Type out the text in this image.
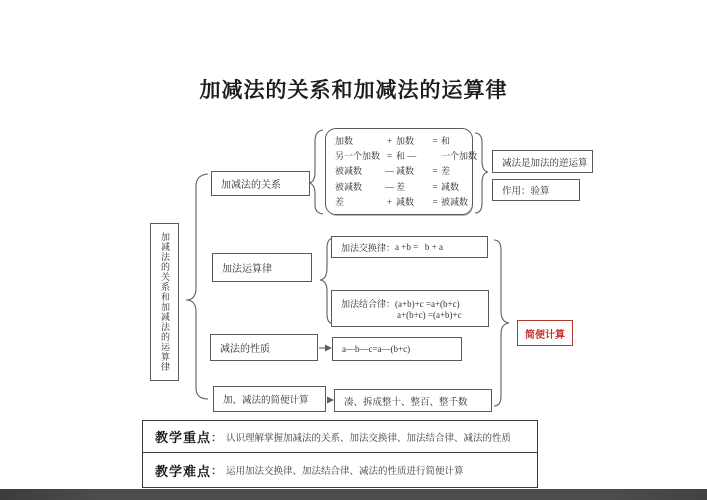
加减法的关系和加减法的运算律
加减法的关系和加减法的运算律
加减法的关系
加数	+ 加数	= 和
另一个加数 = 和 —	一个加数
被减数	— 减数	= 差
被减数	— 差	= 减数
差	+ 减数	= 被减数
减法是加法的逆运算
作用：验算
加法运算律
加法交换律： a +b =   b + a
加法结合律：(a+b)+c =a+(b+c)
a+(b+c) =(a+b)+c
减法的性质	a—b—c=a—(b+c)
加、减法的简便计算	凑、拆成整十、整百、整千数
简便计算
教学重点 ： 认识理解掌握加减法的关系、加法交换律、加法结合律、减法的性质
教学难点 ： 运用加法交换律、加法结合律、减法的性质进行简便计算
